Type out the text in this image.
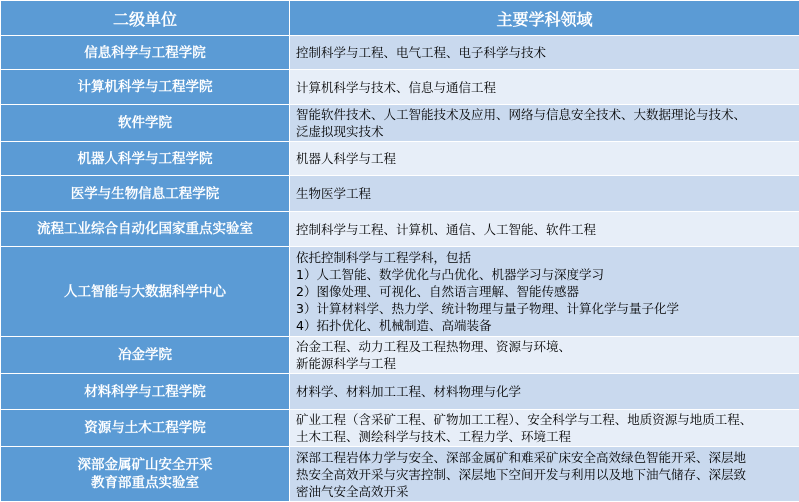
二级单位	主要学科领域

信息科学与工程学院	控制科学与工程、电气工程、电子科学与技术

计算机科学与工程学院	计算机科学与技术、信息与通信工程

软件学院	智能软件技术、人工智能技术及应用、网络与信息安全技术、大数据理论与技术、
泛虚拟现实技术

机器人科学与工程学院	机器人科学与工程

医学与生物信息工程学院	生物医学工程

流程工业综合自动化国家重点实验室	控制科学与工程、计算机、通信、人工智能、软件工程

人工智能与大数据科学中心	依托控制科学与工程学科，包括
1）人工智能、数学优化与凸优化、机器学习与深度学习
2）图像处理、可视化、自然语言理解、智能传感器
3）计算材料学、热力学、统计物理与量子物理、计算化学与量子化学
4）拓扑优化、机械制造、高端装备

冶金学院	冶金工程、动力工程及工程热物理、资源与环境、
新能源科学与工程

材料科学与工程学院	材料学、材料加工工程、材料物理与化学

资源与土木工程学院	矿业工程（含采矿工程、矿物加工工程）、安全科学与工程、地质资源与地质工程、
土木工程、测绘科学与技术、工程力学、环境工程

深部金属矿山安全开采
教育部重点实验室	深部工程岩体力学与安全、深部金属矿和难采矿床安全高效绿色智能开采、深层地
热安全高效开采与灾害控制、深层地下空间开发与利用以及地下油气储存、深层致
密油气安全高效开采
